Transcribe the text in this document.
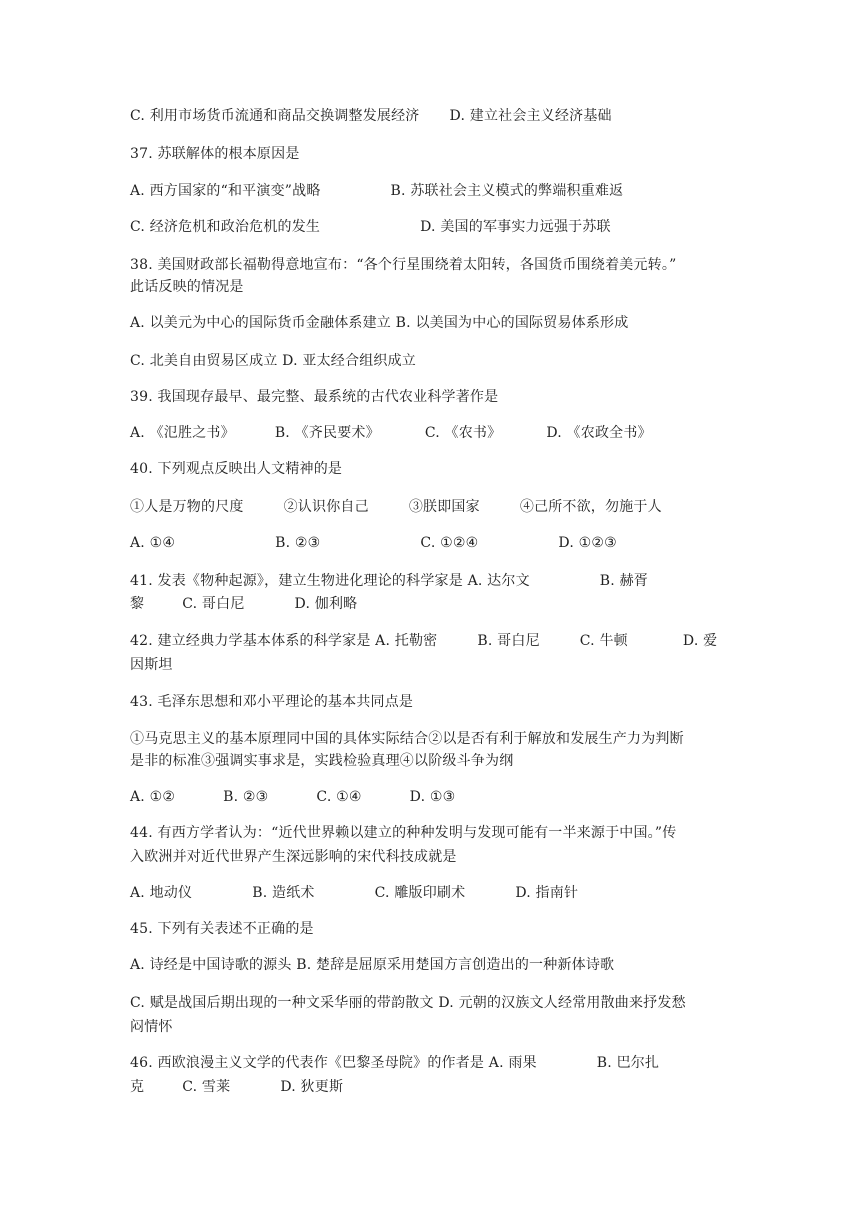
C. 利用市场货币流通和商品交换调整发展经济 D. 建立社会主义经济基础
37. 苏联解体的根本原因是
A. 西方国家的“和平演变”战略	B. 苏联社会主义模式的弊端积重难返
C. 经济危机和政治危机的发生	D. 美国的军事实力远强于苏联
38. 美国财政部长福勒得意地宣布：“各个行星围绕着太阳转，各国货币围绕着美元转。”
此话反映的情况是
A. 以美元为中心的国际货币金融体系建立 B. 以美国为中心的国际贸易体系形成
C. 北美自由贸易区成立 D. 亚太经合组织成立
39. 我国现存最早、最完整、最系统的古代农业科学著作是
A. 《氾胜之书》	B. 《齐民要术》	C. 《农书》	D. 《农政全书》
40. 下列观点反映出人文精神的是
①人是万物的尺度	②认识你自己	③朕即国家	④己所不欲，勿施于人
A. ①④	B. ②③	C. ①②④	D. ①②③
41. 发表《物种起源》，建立生物进化理论的科学家是 A. 达尔文	B. 赫胥
黎	C. 哥白尼	D. 伽利略
42. 建立经典力学基本体系的科学家是 A. 托勒密	B. 哥白尼	C. 牛顿	D. 爱
因斯坦
43. 毛泽东思想和邓小平理论的基本共同点是
①马克思主义的基本原理同中国的具体实际结合②以是否有利于解放和发展生产力为判断
是非的标准③强调实事求是，实践检验真理④以阶级斗争为纲
A. ①②	B. ②③	C. ①④	D. ①③
44. 有西方学者认为：“近代世界赖以建立的种种发明与发现可能有一半来源于中国。”传
入欧洲并对近代世界产生深远影响的宋代科技成就是
A. 地动仪	B. 造纸术	C. 雕版印刷术	D. 指南针
45. 下列有关表述不正确的是
A. 诗经是中国诗歌的源头 B. 楚辞是屈原采用楚国方言创造出的一种新体诗歌
C. 赋是战国后期出现的一种文采华丽的带韵散文 D. 元朝的汉族文人经常用散曲来抒发愁
闷情怀
46. 西欧浪漫主义文学的代表作《巴黎圣母院》的作者是 A. 雨果	B. 巴尔扎
克	C. 雪莱	D. 狄更斯
